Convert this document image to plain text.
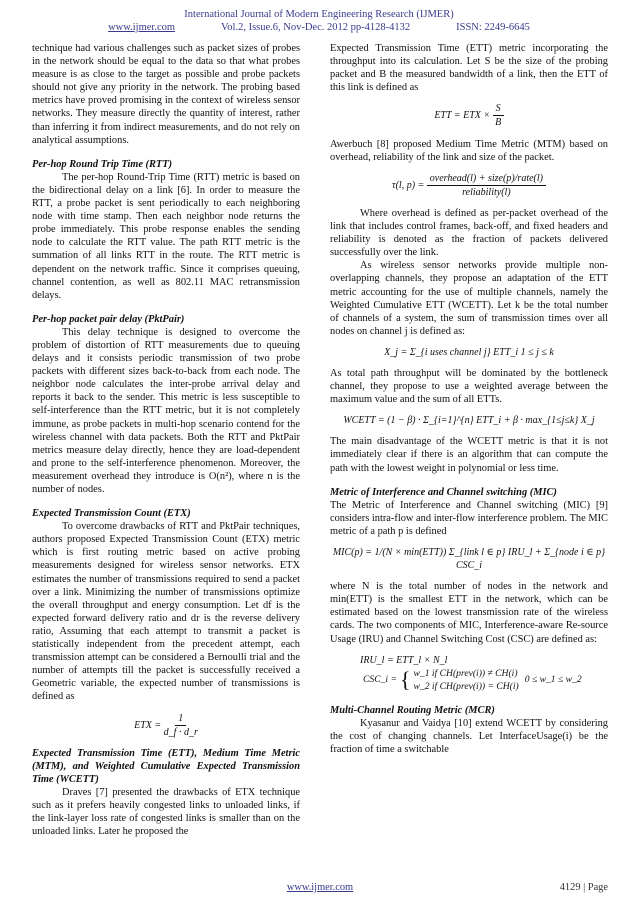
International Journal of Modern Engineering Research (IJMER)
www.ijmer.com	Vol.2, Issue.6, Nov-Dec. 2012 pp-4128-4132	ISSN: 2249-6645

technique had various challenges such as packet sizes of probes in the network should be equal to the data so that what probes measure is as close to the target as possible and probe packets should not give any priority in the network. The probing based metrics have proved promising in the context of wireless sensor networks. They measure directly the quantity of interest, rather than inferring it from indirect measurements, and do not rely on analytical assumptions.

Per-hop Round Trip Time (RTT)

The per-hop Round-Trip Time (RTT) metric is based on the bidirectional delay on a link [6]. In order to measure the RTT, a probe packet is sent periodically to each neighboring node with time stamp. Then each neighbor node returns the probe immediately. This probe response enables the sending node to calculate the RTT value. The path RTT metric is the summation of all links RTT in the route. The RTT metric is dependent on the network traffic. Since it comprises queuing, channel contention, as well as 802.11 MAC retransmission delays.

Per-hop packet pair delay (PktPair)

This delay technique is designed to overcome the problem of distortion of RTT measurements due to queuing delays and it consists periodic transmission of two probe packets with different sizes back-to-back from each node. The neighbor node calculates the inter-probe arrival delay and reports it back to the sender. This metric is less susceptible to self-interference than the RTT metric, but it is not completely immune, as probe packets in multi-hop scenario contend for the wireless channel with data packets. Both the RTT and PktPair metrics measure delay directly, hence they are load-dependent and prone to the self-interference phenomenon. Moreover, the measurement overhead they introduce is O(n²), where n is the number of nodes.

Expected Transmission Count (ETX)

To overcome drawbacks of RTT and PktPair techniques, authors proposed Expected Transmission Count (ETX) metric which is first routing metric based on active probing measurements designed for wireless sensor networks. ETX estimates the number of transmissions required to send a packet over a link. Minimizing the number of transmissions optimize the overall throughput and energy consumption. Let df is the expected forward delivery ratio and dr is the reverse delivery ratio, Assuming that each attempt to transmit a packet is statistically independent from the precedent attempt, each transmission attempt can be considered a Bernoulli trial and the number of attempts till the packet is successfully received a Geometric variable, the expected number of transmissions is defined as

ETX = $\frac{1}{d\_f \cdot d\_r}$

Expected Transmission Time (ETT), Medium Time Metric (MTM), and Weighted Cumulative Expected Transmission Time (WCETT)

Draves [7] presented the drawbacks of ETX technique such as it prefers heavily congested links to unloaded links, if the link-layer loss rate of congested links is smaller than on the unloaded links. Later he proposed the

Expected Transmission Time (ETT) metric incorporating the throughput into its calculation. Let S be the size of the probing packet and B the measured bandwidth of a link, then the ETT of this link is defined as

ETT = ETX × $\frac{S}{B}$

Awerbuch [8] proposed Medium Time Metric (MTM) based on overhead, reliability of the link and size of the packet.

τ(l, $p) = \frac{\text{overhead(l) + size(p)/rate(l)}}{\text{reliability(l)}}$

Where overhead is defined as per-packet overhead of the link that includes control frames, back-off, and fixed headers and reliability is denoted as the fraction of packets delivered successfully over the link.

As wireless sensor networks provide multiple non-overlapping channels, they propose an adaptation of the ETT metric accounting for the use of multiple channels, namely the Weighted Cumulative ETT (WCETT). Let k be the total number of channels of a system, the sum of transmission times over all nodes on channel j is defined as:

X_j = Σ_{i uses channel j} ETT_i 1 ≤ j ≤ k

As total path throughput will be dominated by the bottleneck channel, they propose to use a weighted average between the maximum value and the sum of all ETTs.

WCETT = (1 − β) · Σ_{i=1}^{n} ETT_i + β · max_{1≤j≤k} X_j

The main disadvantage of the WCETT metric is that it is not immediately clear if there is an algorithm that can compute the path with the lowest weight in polynomial or less time.

Metric of Interference and Channel switching (MIC)

The Metric of Interference and Channel switching (MIC) [9] considers intra-flow and inter-flow interference problem. The MIC metric of a path p is defined

MIC(p) = 1/(N × min(ETT)) Σ_{link l ∈ p} IRU_l + Σ_{node i ∈ p} CSC_i

where N is the total number of nodes in the network and min(ETT) is the smallest ETT in the network, which can be estimated based on the lowest transmission rate of the wireless cards. The two components of MIC, Interference-aware Re-source Usage (IRU) and Channel Switching Cost (CSC) are defined as:

IRU_l = ETT_l × N_l
CSC_i =	{	w_1 if CH(prev(i)) ≠ CH(i)	0 ≤ w_1 ≤ w_2
w_2 if CH(prev(i)) = CH(i)

Multi-Channel Routing Metric (MCR)

Kyasanur and Vaidya [10] extend WCETT by considering the cost of changing channels. Let InterfaceUsage(i) be the fraction of time a switchable

www.ijmer.com	4129 | Page
